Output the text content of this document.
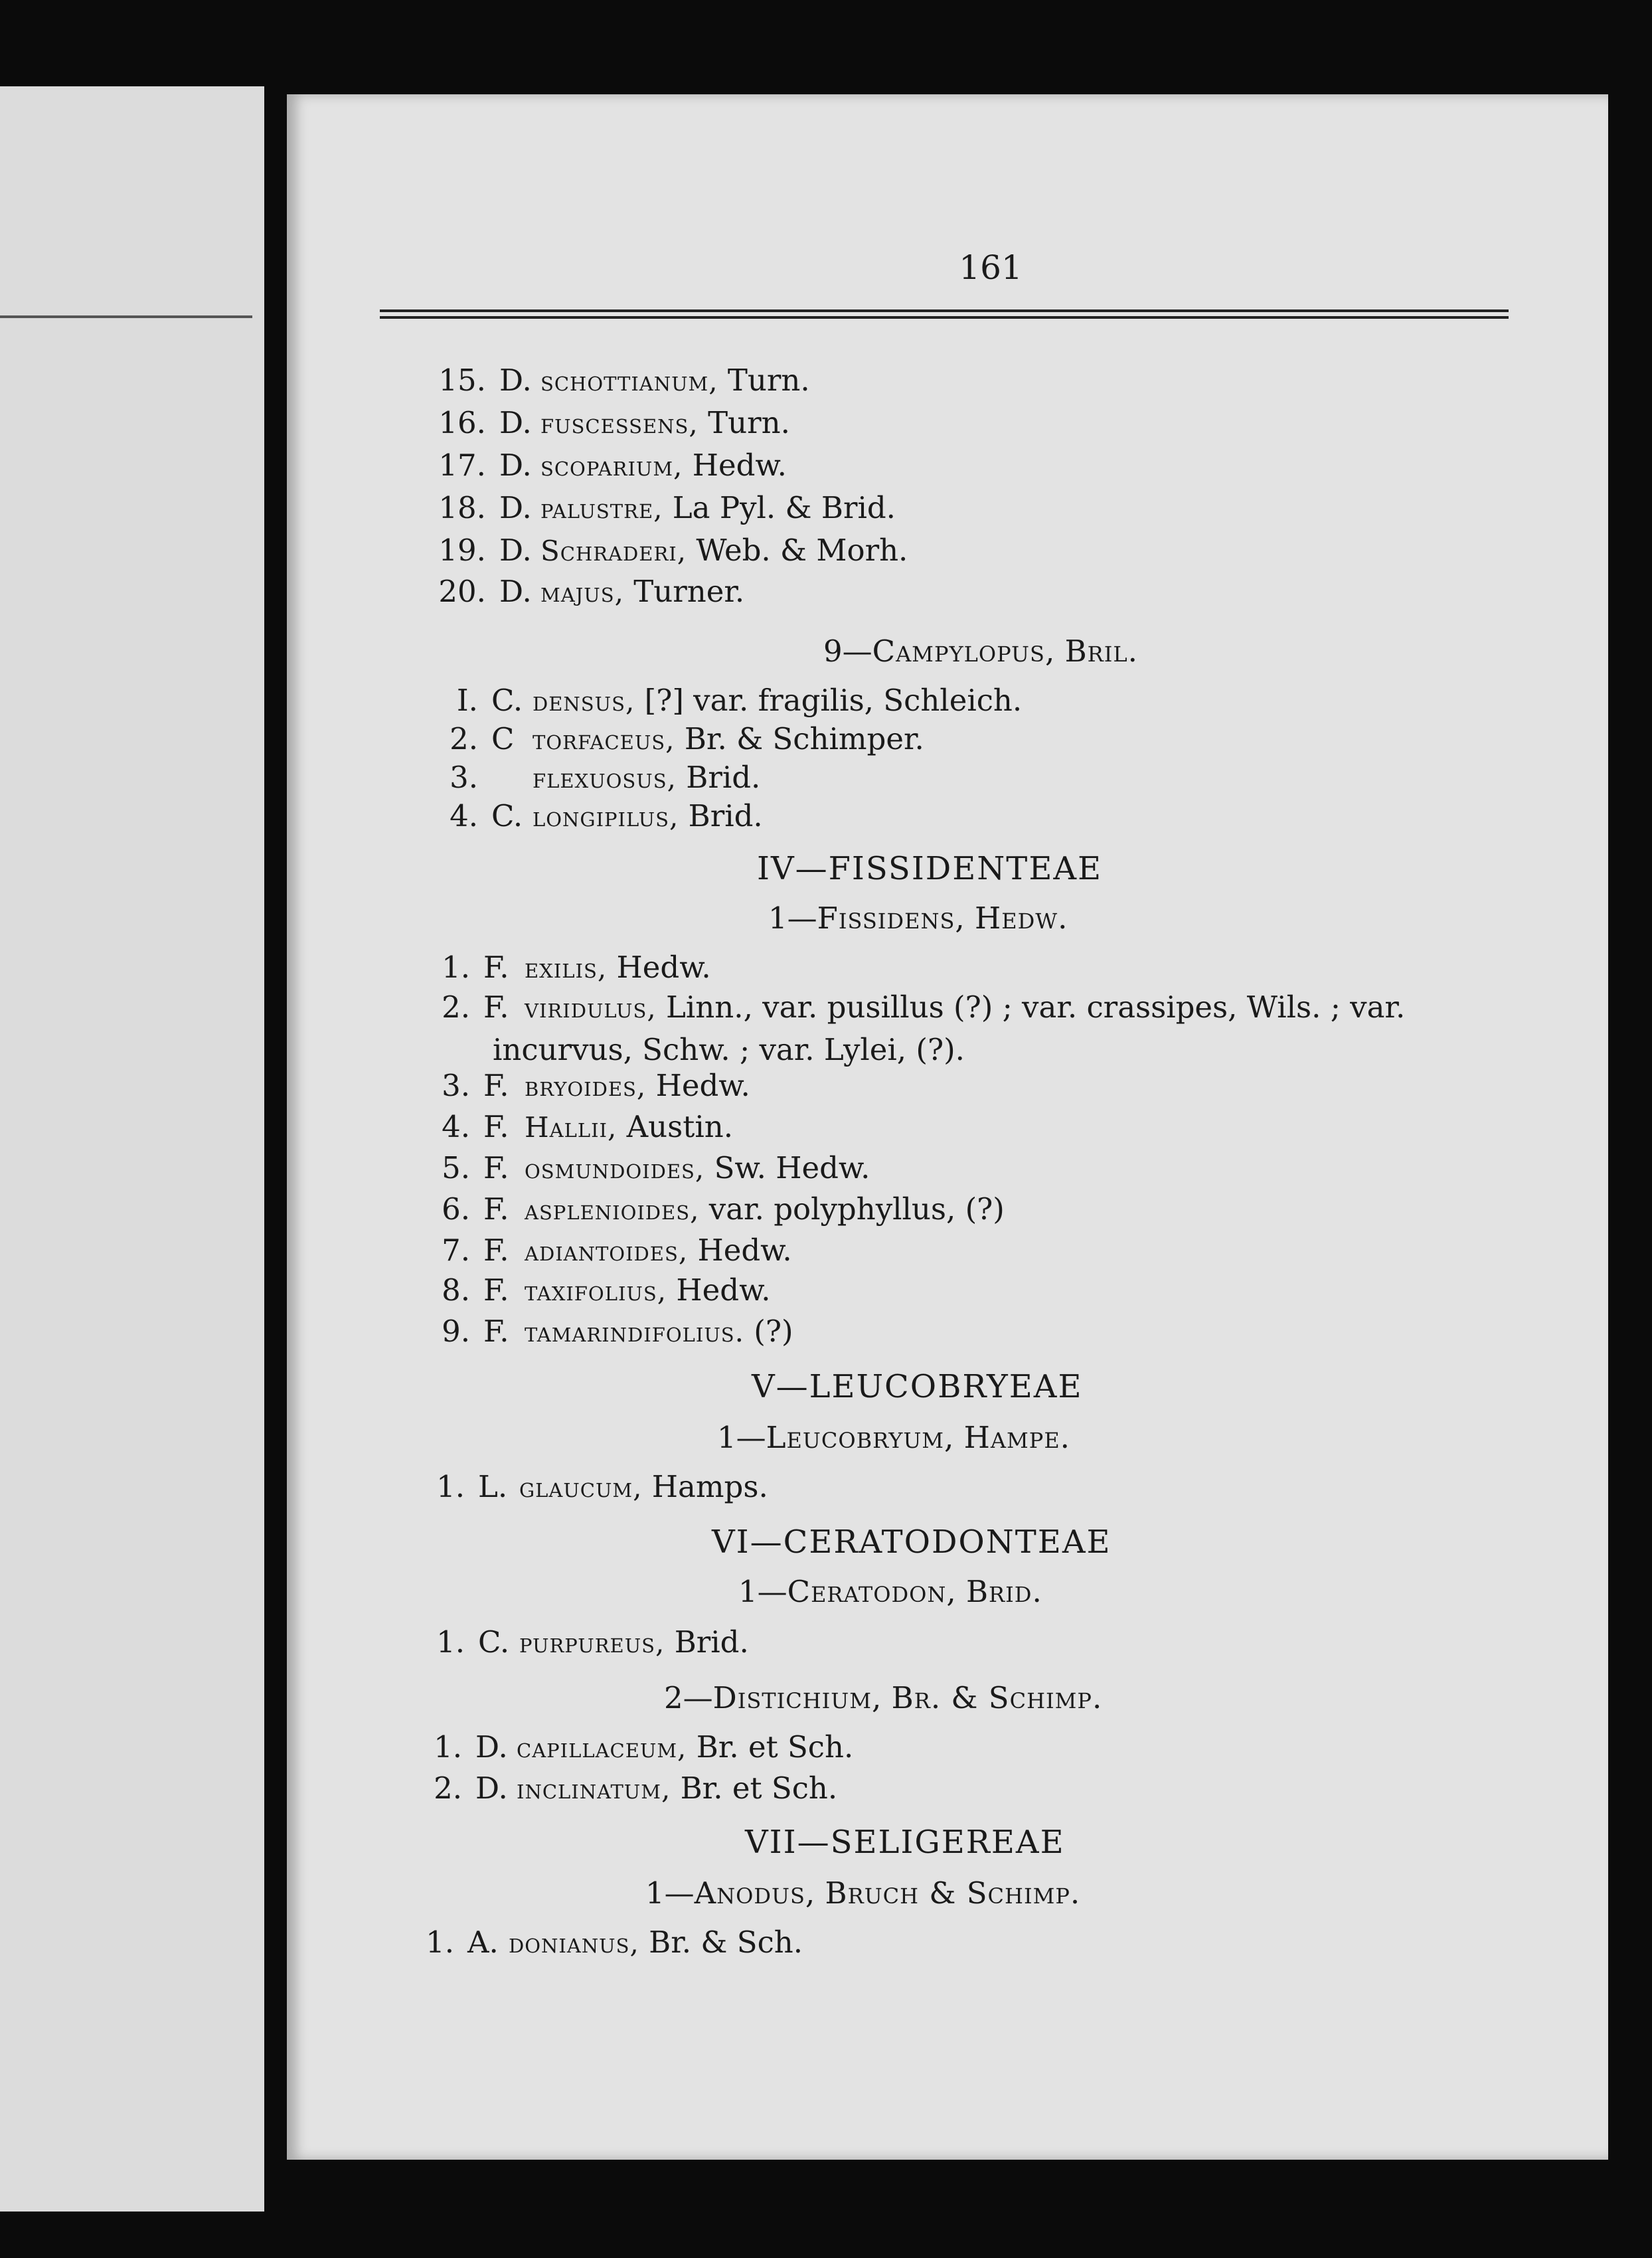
161
15. D. schottianum, Turn.
16. D. fuscessens, Turn.
17. D. scoparium, Hedw.
18. D. palustre, La Pyl. & Brid.
19. D. Schraderi, Web. & Morh.
20. D. majus, Turner.
9—Campylopus, Bril.
I. C. densus, [?] var. fragilis, Schleich.
2. C torfaceus, Br. & Schimper.
3. flexuosus, Brid.
4. C. longipilus, Brid.
IV—FISSIDENTEAE
1—Fissidens, Hedw.
1. F. exilis, Hedw.
2. F. viridulus, Linn., var. pusillus (?) ; var. crassipes, Wils. ; var.
incurvus, Schw. ; var. Lylei, (?).
3. F. bryoides, Hedw.
4. F. Hallii, Austin.
5. F. osmundoides, Sw. Hedw.
6. F. asplenioides, var. polyphyllus, (?)
7. F. adiantoides, Hedw.
8. F. taxifolius, Hedw.
9. F. tamarindifolius. (?)
V—LEUCOBRYEAE
1—Leucobryum, Hampe.
1. L. glaucum, Hamps.
VI—CERATODONTEAE
1—Ceratodon, Brid.
1. C. purpureus, Brid.
2—Distichium, Br. & Schimp.
1. D. capillaceum, Br. et Sch.
2. D. inclinatum, Br. et Sch.
VII—SELIGEREAE
1—Anodus, Bruch & Schimp.
1. A. donianus, Br. & Sch.
